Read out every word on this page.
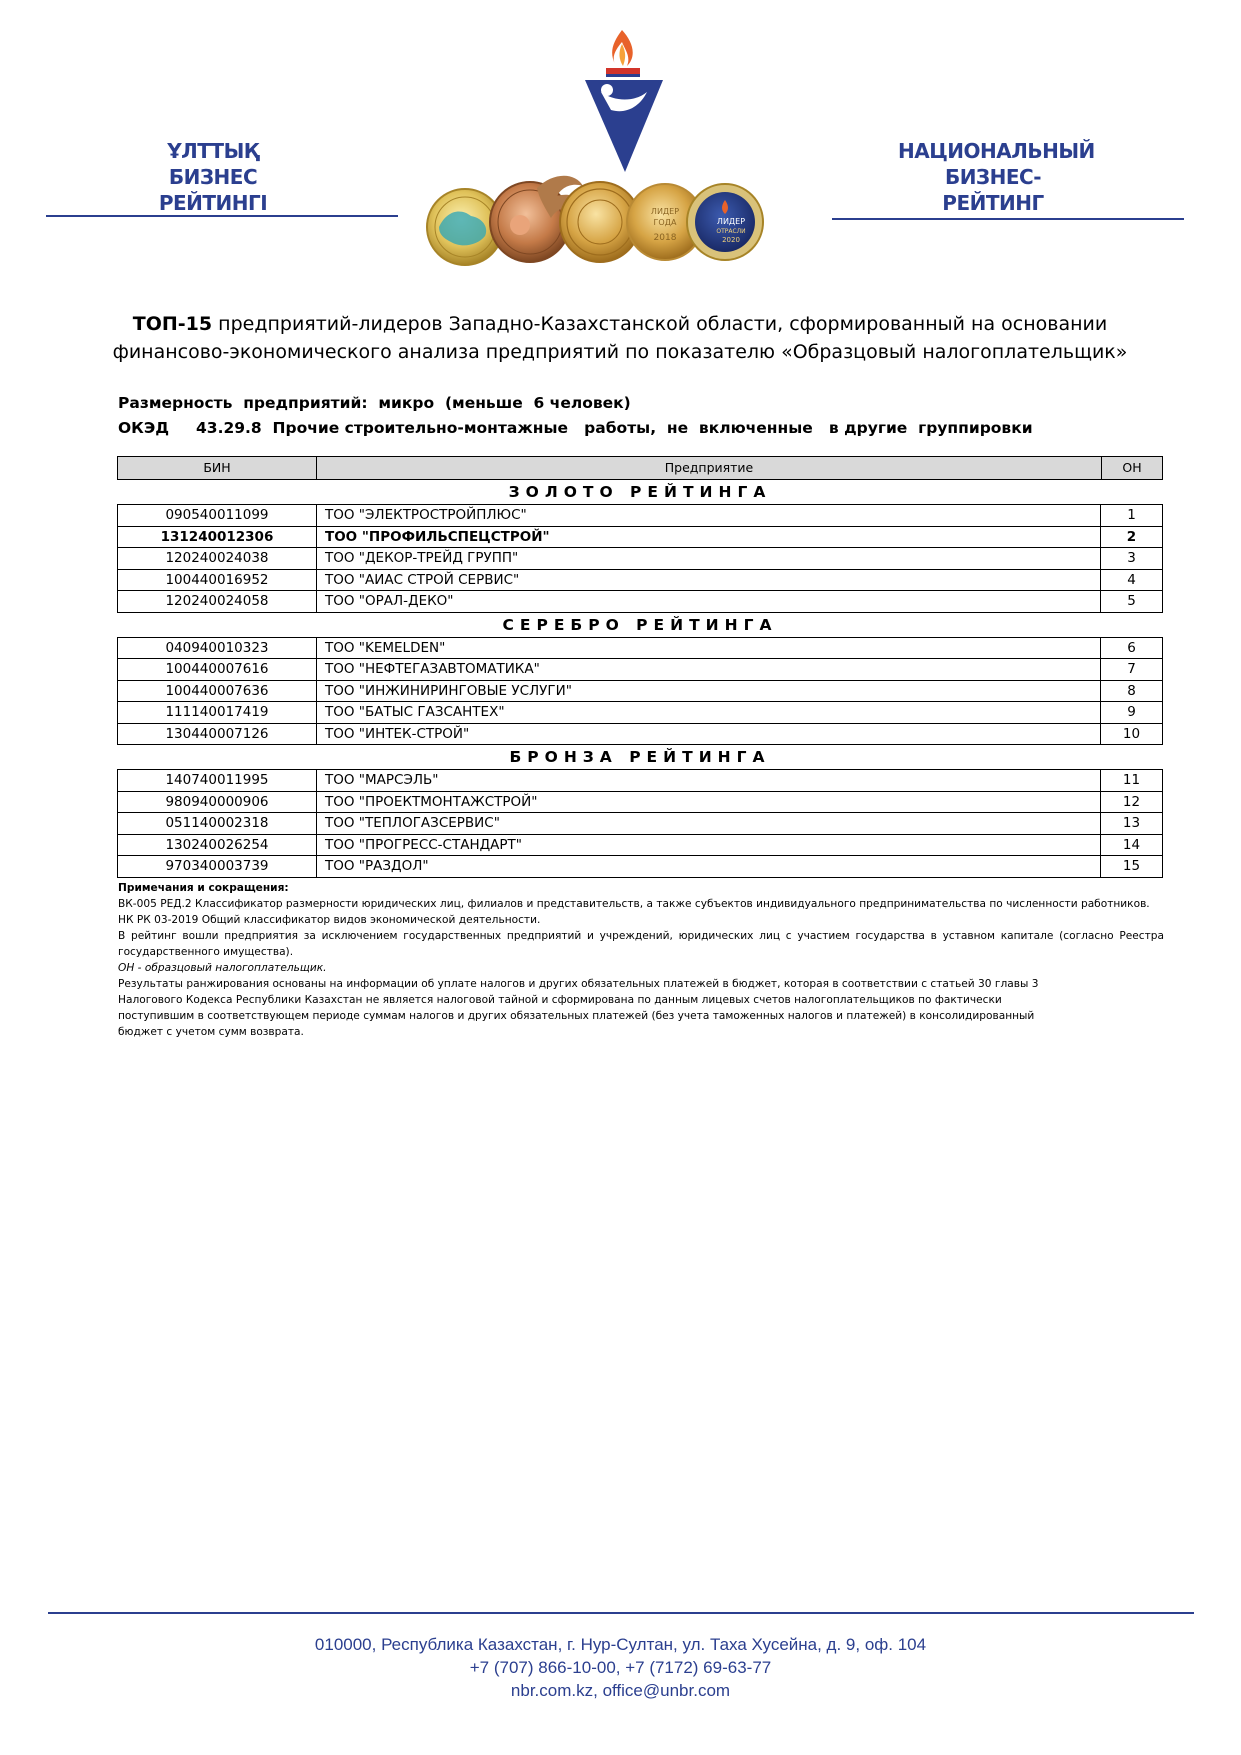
ҰЛТТЫҚ
БИЗНЕС РЕЙТИНГІ
НАЦИОНАЛЬНЫЙ
БИЗНЕС-РЕЙТИНГ
ЛИДЕР
ГОДА
2018
ЛИДЕР
ОТРАСЛИ
2020
ТОП-15 предприятий-лидеров Западно-Казахстанской области, сформированный на основании
финансово-экономического анализа предприятий по показателю «Образцовый налогоплательщик»
Размерность  предприятий:  микро  (меньше  6 человек)
ОКЭД     43.29.8  Прочие строительно-монтажные   работы,  не  включенные   в другие  группировки
БИН	Предприятие	ОН
ЗОЛОТО РЕЙТИНГА
090540011099	ТОО "ЭЛЕКТРОСТРОЙПЛЮС"	1
131240012306	ТОО "ПРОФИЛЬСПЕЦСТРОЙ"	2
120240024038	ТОО "ДЕКОР-ТРЕЙД ГРУПП"	3
100440016952	ТОО "АИАС СТРОЙ СЕРВИС"	4
120240024058	ТОО "ОРАЛ-ДЕКО"	5
СЕРЕБРО РЕЙТИНГА
040940010323	ТОО "KEMELDEN"	6
100440007616	ТОО "НЕФТЕГАЗАВТОМАТИКА"	7
100440007636	ТОО "ИНЖИНИРИНГОВЫЕ УСЛУГИ"	8
111140017419	ТОО "БАТЫС ГАЗСАНТЕХ"	9
130440007126	ТОО "ИНТЕК-СТРОЙ"	10
БРОНЗА РЕЙТИНГА
140740011995	ТОО "МАРСЭЛЬ"	11
980940000906	ТОО "ПРОЕКТМОНТАЖСТРОЙ"	12
051140002318	ТОО "ТЕПЛОГАЗСЕРВИС"	13
130240026254	ТОО "ПРОГРЕСС-СТАНДАРТ"	14
970340003739	ТОО "РАЗДОЛ"	15

Примечания и сокращения:

ВК-005 РЕД.2 Классификатор размерности юридических лиц, филиалов и представительств, а также субъектов индивидуального предпринимательства по численности работников.

НК РК 03-2019 Общий классификатор видов экономической деятельности.

В рейтинг вошли предприятия за исключением государственных предприятий и учреждений, юридических лиц с участием государства в уставном капитале (согласно Реестра государственного имущества).

ОН - образцовый налогоплательщик.

Результаты ранжирования основаны на информации об уплате налогов и других обязательных платежей в бюджет, которая в соответствии с статьей 30 главы 3

Налогового Кодекса Республики Казахстан не является налоговой тайной и сформирована по данным лицевых счетов налогоплательщиков по фактически

поступившим в соответствующем периоде суммам налогов и других обязательных платежей (без учета таможенных налогов и платежей) в консолидированный

бюджет с учетом сумм возврата.

010000, Республика Казахстан, г. Нур-Султан, ул. Таха Хусейна, д. 9, оф. 104
+7 (707) 866-10-00, +7 (7172) 69-63-77
nbr.com.kz, office@unbr.com
